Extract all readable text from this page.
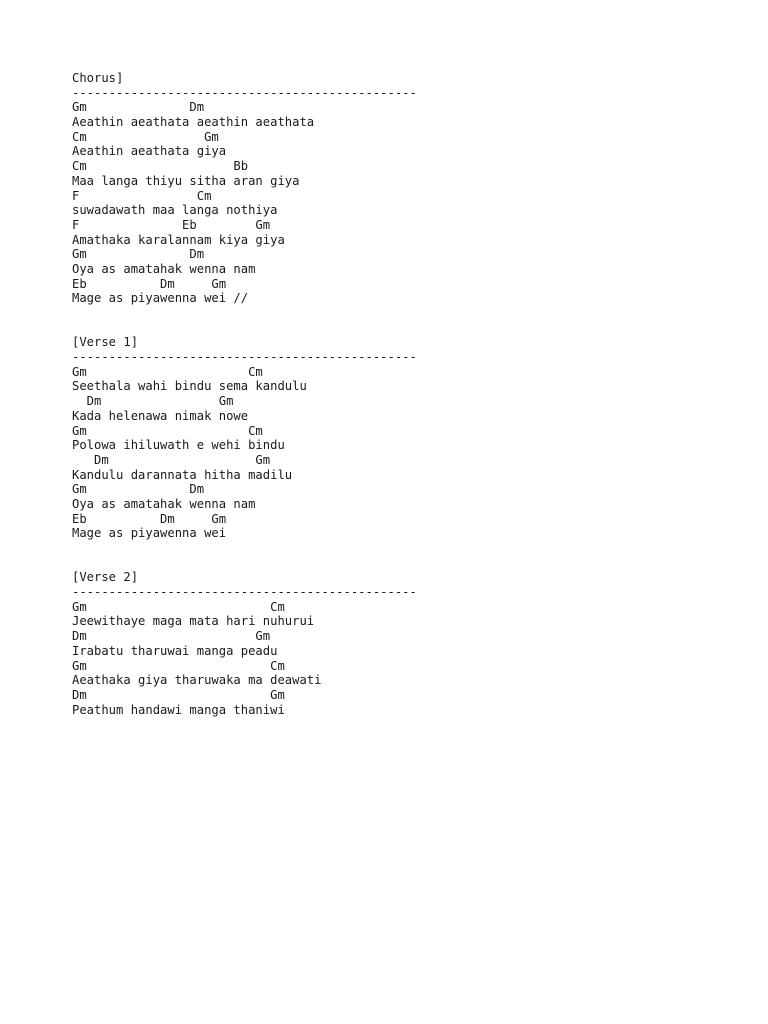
Chorus]
-----------------------------------------------
Gm              Dm
Aeathin aeathata aeathin aeathata
Cm                Gm
Aeathin aeathata giya
Cm                    Bb
Maa langa thiyu sitha aran giya
F                Cm
suwadawath maa langa nothiya
F              Eb        Gm
Amathaka karalannam kiya giya
Gm              Dm
Oya as amatahak wenna nam
Eb          Dm     Gm
Mage as piyawenna wei //
[Verse 1]
-----------------------------------------------
Gm                      Cm
Seethala wahi bindu sema kandulu
Dm                Gm
Kada helenawa nimak nowe
Gm                      Cm
Polowa ihiluwath e wehi bindu
Dm                    Gm
Kandulu darannata hitha madilu
Gm              Dm
Oya as amatahak wenna nam
Eb          Dm     Gm
Mage as piyawenna wei
[Verse 2]
-----------------------------------------------
Gm                         Cm
Jeewithaye maga mata hari nuhurui
Dm                       Gm
Irabatu tharuwai manga peadu
Gm                         Cm
Aeathaka giya tharuwaka ma deawati
Dm                         Gm
Peathum handawi manga thaniwi
